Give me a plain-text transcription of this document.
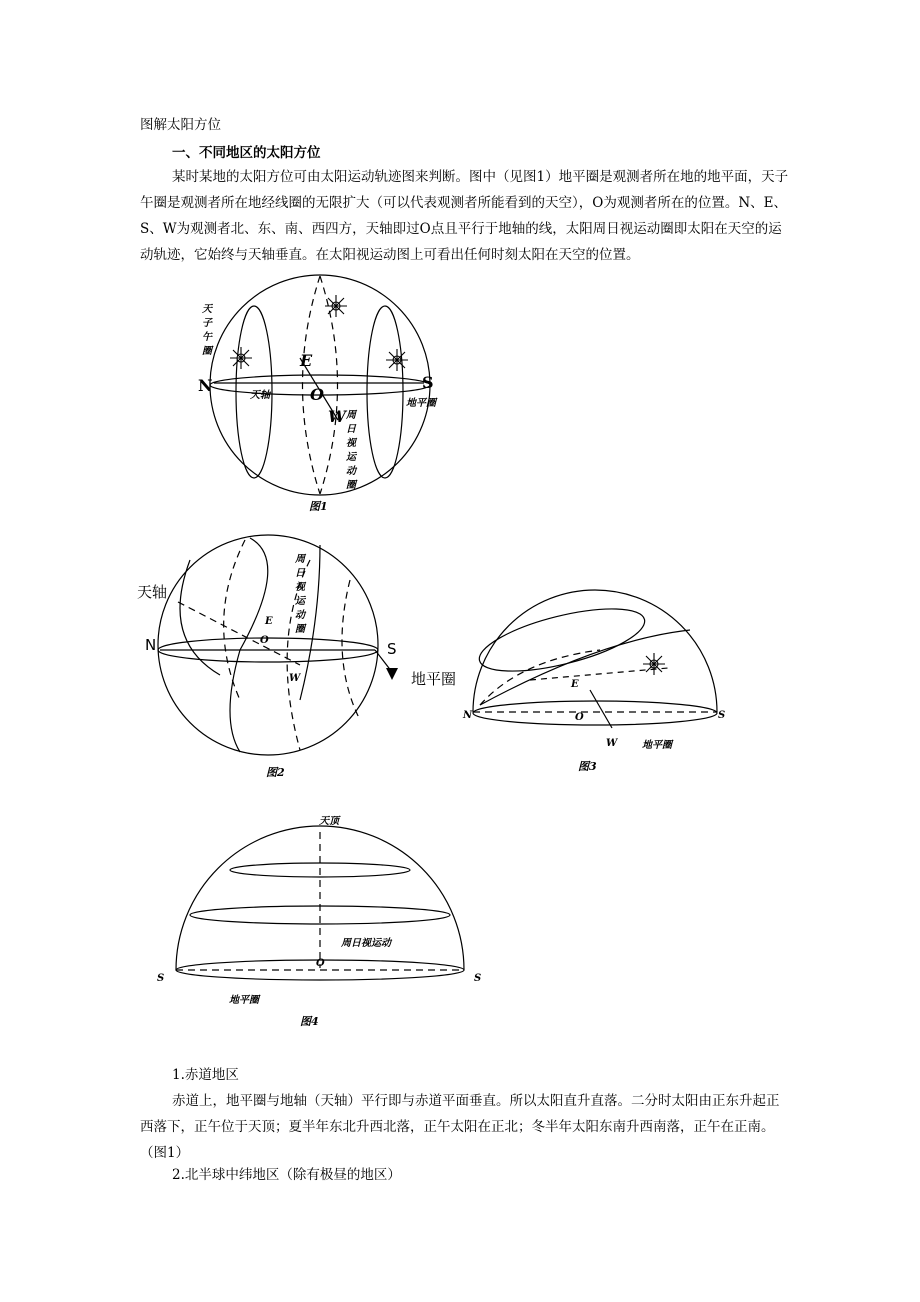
图解太阳方位
一、不同地区的太阳方位
某时某地的太阳方位可由太阳运动轨迹图来判断。图中（见图1）地平圈是观测者所在地的地平面，天子午圈是观测者所在地经线圈的无限扩大（可以代表观测者所能看到的天空），O为观测者所在的位置。N、E、S、W为观测者北、东、南、西四方，天轴即过O点且平行于地轴的线，太阳周日视运动圈即太阳在天空的运动轨迹，它始终与天轴垂直。在太阳视运动图上可看出任何时刻太阳在天空的位置。
天
子
午
圈
N	S
E
O
W
天轴
地平圈
周
日
视
运
动
圈
图1
天轴
N	S
E
O
W
周
日
视
运
动
圈
地平圈
图2
N	S
E
O
W 地平圈
图3
天顶
周日视运动
O
S	S
地平圈
图4
1.赤道地区
赤道上，地平圈与地轴（天轴）平行即与赤道平面垂直。所以太阳直升直落。二分时太阳由正东升起正西落下，正午位于天顶；夏半年东北升西北落，正午太阳在正北；冬半年太阳东南升西南落，正午在正南。（图1）
2.北半球中纬地区（除有极昼的地区）
